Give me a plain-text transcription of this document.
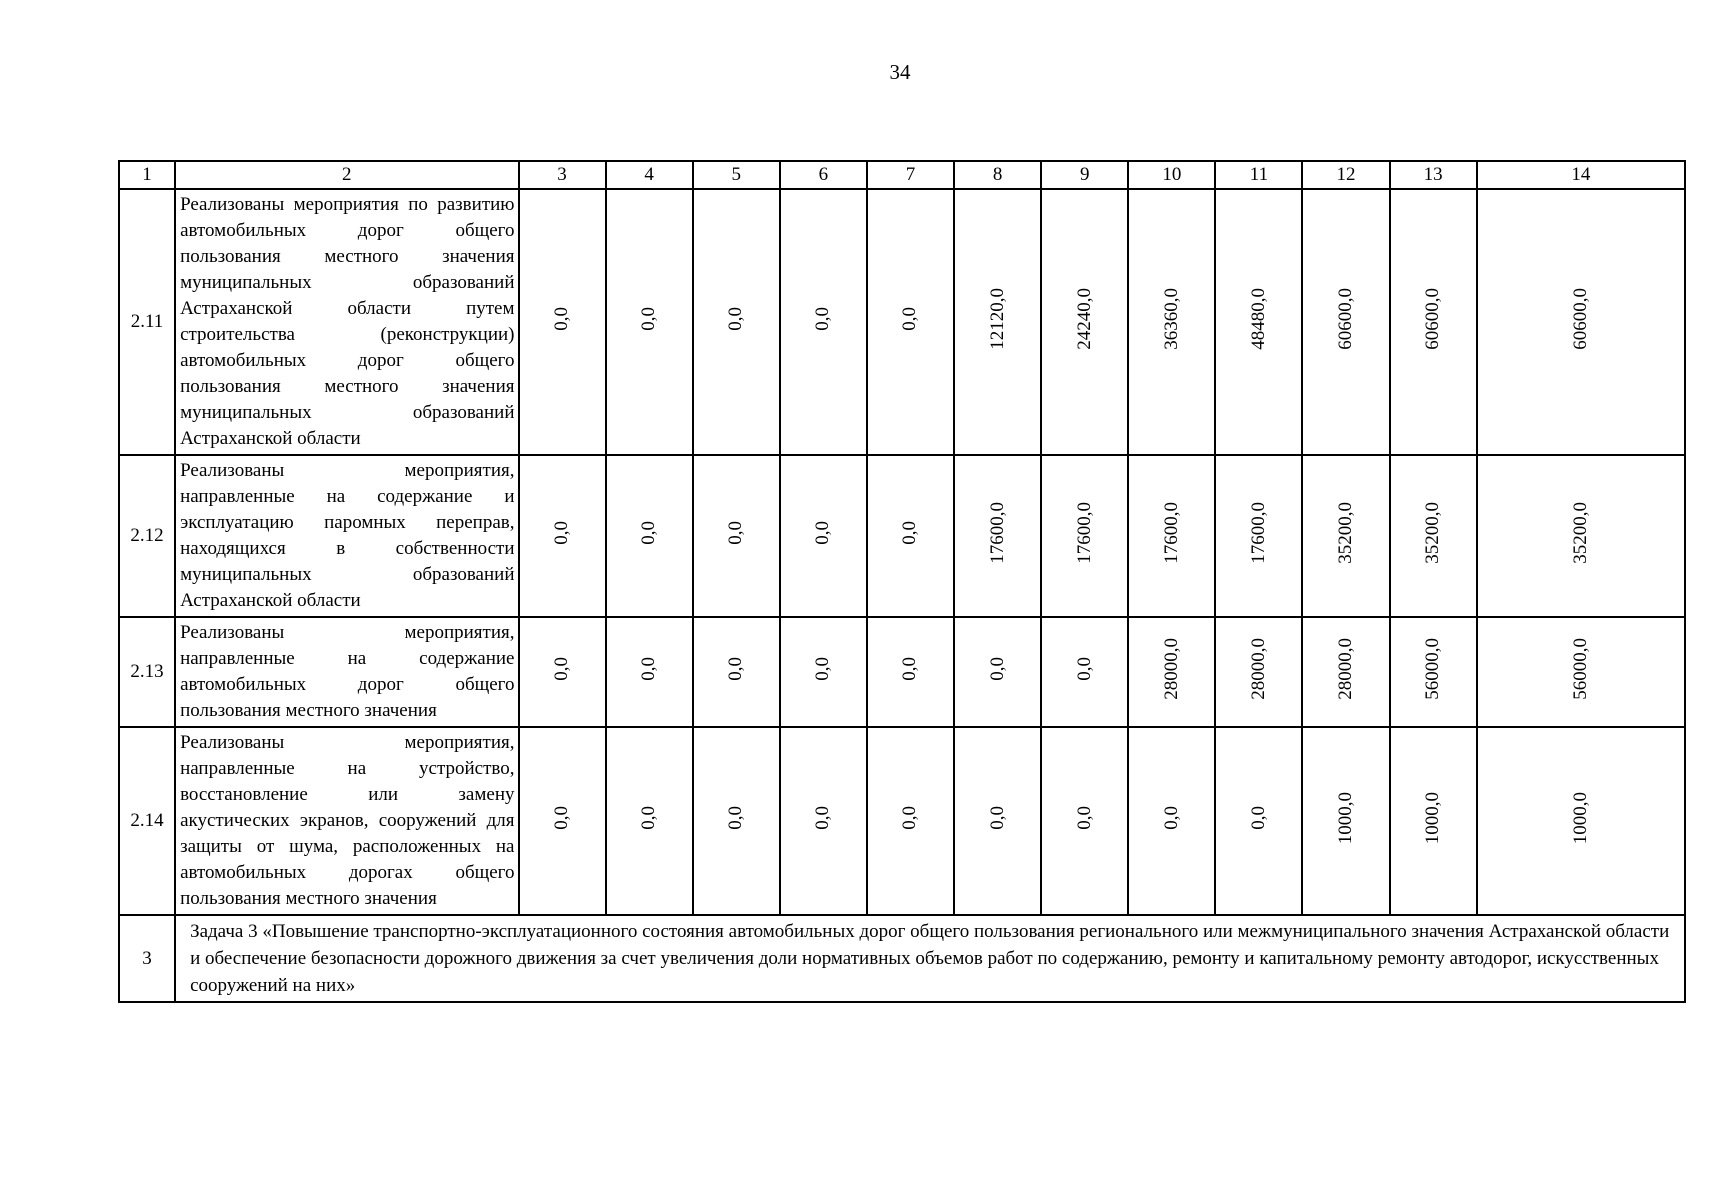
34
1	2	3	4	5	6	7	8	9	10	11	12	13	14
2.11	Реализованы мероприятия по развитию автомобильных дорог общего пользования местного значения муниципальных образований Астраханской области путем строительства (реконструкции) автомобильных дорог общего пользования местного значения муниципальных образований Астраханской области	0,0	0,0	0,0	0,0	0,0	12120,0	24240,0	36360,0	48480,0	60600,0	60600,0	60600,0
2.12	Реализованы мероприятия, направленные на содержание и эксплуатацию паромных переправ, находящихся в собственности муниципальных образований Астраханской области	0,0	0,0	0,0	0,0	0,0	17600,0	17600,0	17600,0	17600,0	35200,0	35200,0	35200,0
2.13	Реализованы мероприятия, направленные на содержание автомобильных дорог общего пользования местного значения	0,0	0,0	0,0	0,0	0,0	0,0	0,0	28000,0	28000,0	28000,0	56000,0	56000,0
2.14	Реализованы мероприятия, направленные на устройство, восстановление или замену акустических экранов, сооружений для защиты от шума, расположенных на автомобильных дорогах общего пользования местного значения	0,0	0,0	0,0	0,0	0,0	0,0	0,0	0,0	0,0	1000,0	1000,0	1000,0
3	Задача 3 «Повышение транспортно-эксплуатационного состояния автомобильных дорог общего пользования регионального или межмуниципального значения Астраханской области и обеспечение безопасности дорожного движения за счет увеличения доли нормативных объемов работ по содержанию, ремонту и капитальному ремонту автодорог, искусственных сооружений на них»												
